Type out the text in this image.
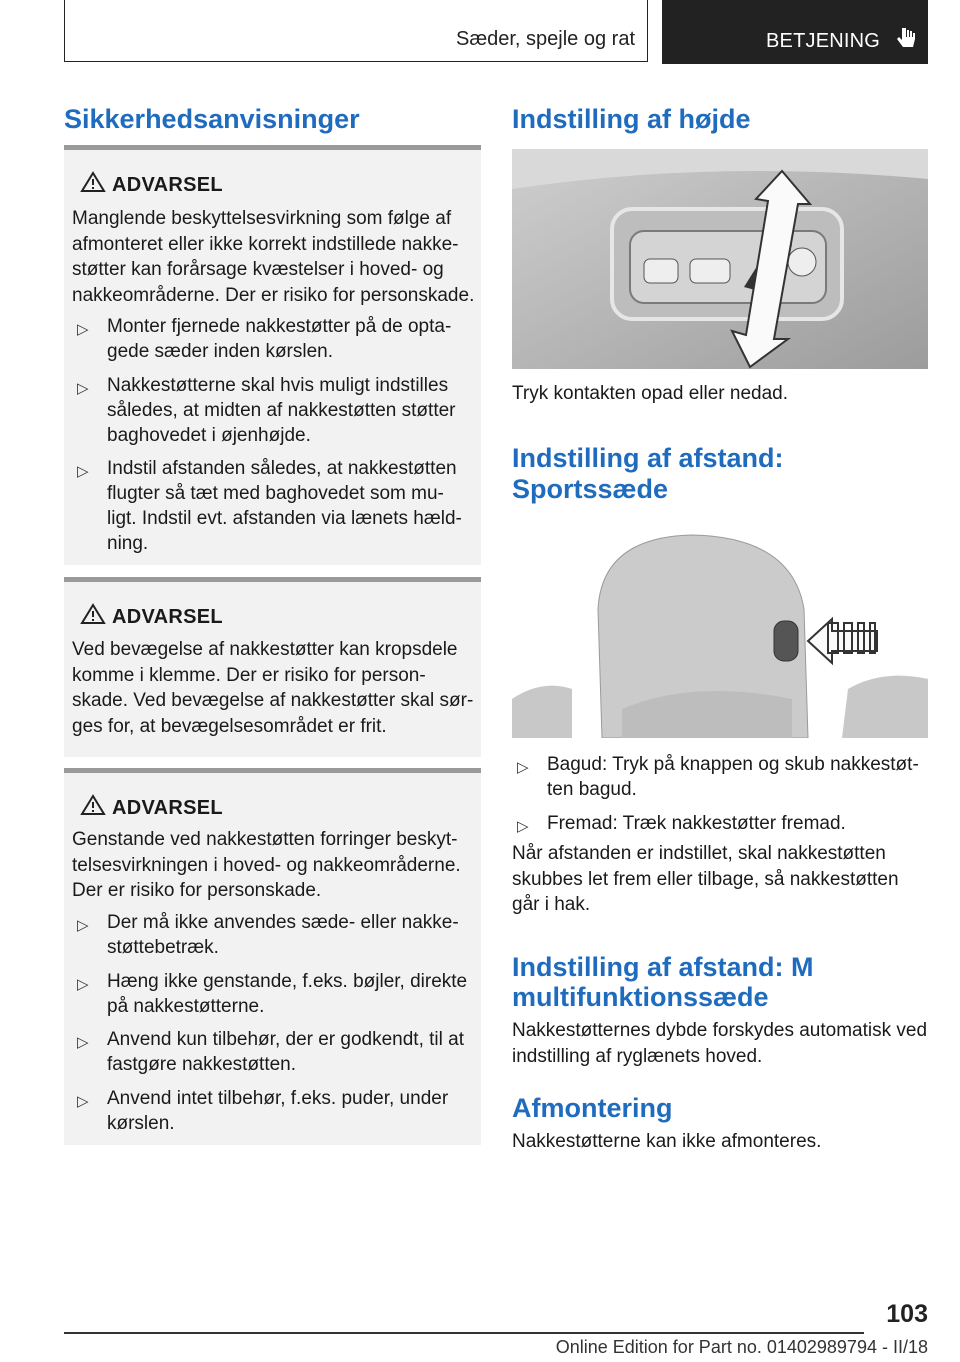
Sæder, spejle og rat	BETJENING
Sikkerhedsanvisninger
ADVARSEL

Manglende beskyttelsesvirkning som følge af afmonteret eller ikke korrekt indstillede nakke-støtter kan forårsage kvæstelser i hoved- og nakkeområderne. Der er risiko for personskade.

▷ Monter fjernede nakkestøtter på de opta-gede sæder inden kørslen.
▷ Nakkestøtterne skal hvis muligt indstilles således, at midten af nakkestøtten støtter baghovedet i øjenhøjde.
▷ Indstil afstanden således, at nakkestøtten flugter så tæt med baghovedet som mu-ligt. Indstil evt. afstanden via lænets hæld-ning.
ADVARSEL

Ved bevægelse af nakkestøtter kan kropsdele komme i klemme. Der er risiko for person-skade. Ved bevægelse af nakkestøtter skal sør-ges for, at bevægelsesområdet er frit.

ADVARSEL

Genstande ved nakkestøtten forringer beskyt-telsesvirkningen i hoved- og nakkeområderne. Der er risiko for personskade.

▷ Der må ikke anvendes sæde- eller nakke-støttebetræk.
▷ Hæng ikke genstande, f.eks. bøjler, direkte på nakkestøtterne.
▷ Anvend kun tilbehør, der er godkendt, til at fastgøre nakkestøtten.
▷ Anvend intet tilbehør, f.eks. puder, under kørslen.
Indstilling af højde

Tryk kontakten opad eller nedad.

Indstilling af afstand:
Sportssæde
▷ Bagud: Tryk på knappen og skub nakkestøt-ten bagud.
▷ Fremad: Træk nakkestøtter fremad.

Når afstanden er indstillet, skal nakkestøtten skubbes let frem eller tilbage, så nakkestøtten går i hak.

Indstilling af afstand: M
multifunktionssæde

Nakkestøtternes dybde forskydes automatisk ved indstilling af ryglænets hoved.

Afmontering

Nakkestøtterne kan ikke afmonteres.

103
Online Edition for Part no. 01402989794 - II/18
